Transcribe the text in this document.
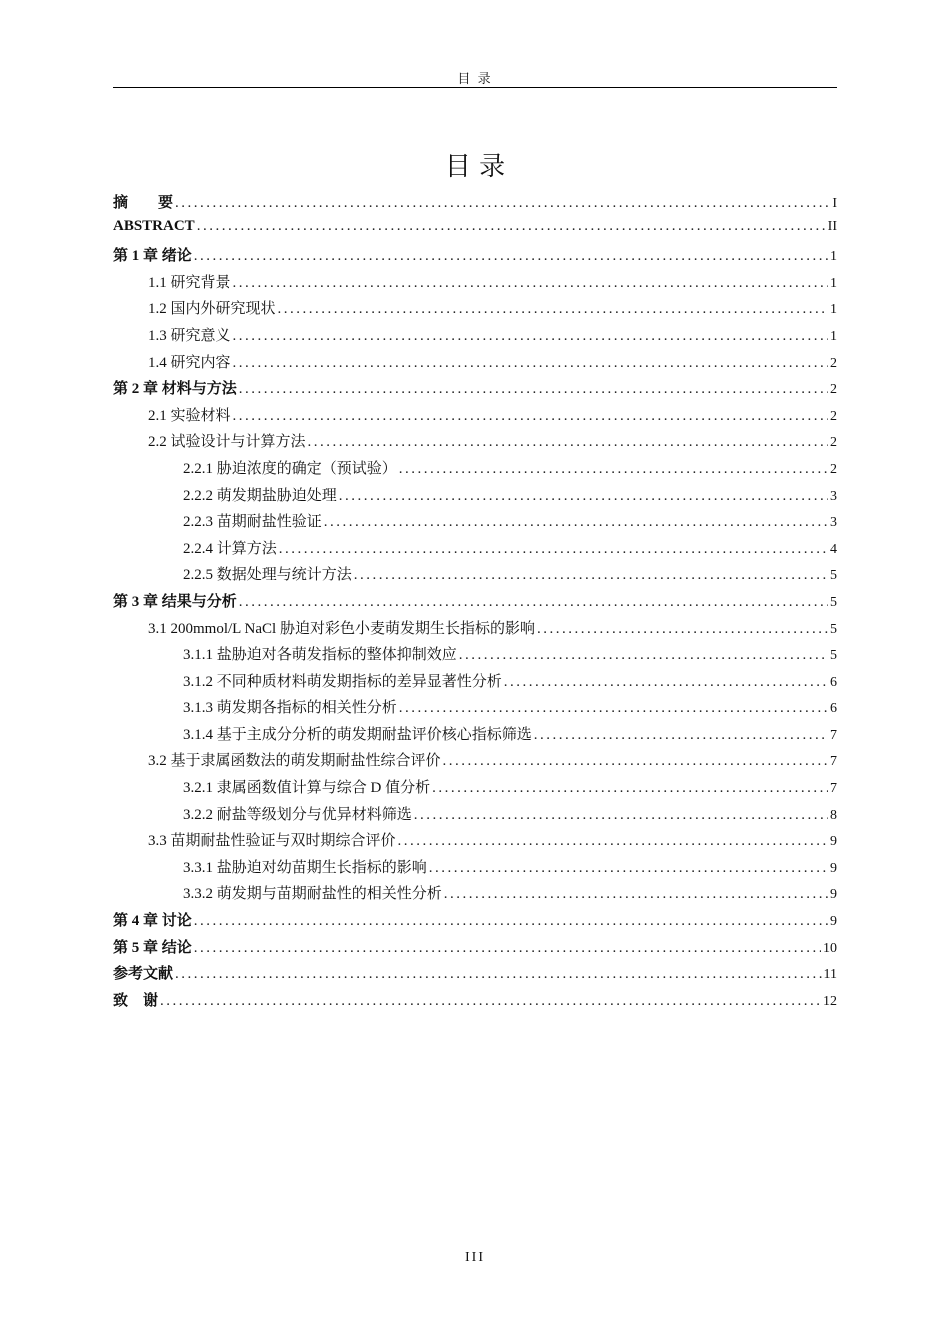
目 录
目 录
摘　　要 .....	I
ABSTRACT .....	II
第 1 章 绪论 .....	1
1.1 研究背景 .....	1
1.2 国内外研究现状 .....	1
1.3 研究意义 .....	1
1.4 研究内容 .....	2
第 2 章 材料与方法 .....	2
2.1 实验材料 .....	2
2.2 试验设计与计算方法 .....	2
2.2.1 胁迫浓度的确定（预试验） .....	2
2.2.2 萌发期盐胁迫处理 .....	3
2.2.3 苗期耐盐性验证 .....	3
2.2.4 计算方法 .....	4
2.2.5 数据处理与统计方法 .....	5
第 3 章 结果与分析 .....	5
3.1 200mmol/L NaCl 胁迫对彩色小麦萌发期生长指标的影响 .....	5
3.1.1 盐胁迫对各萌发指标的整体抑制效应 .....	5
3.1.2 不同种质材料萌发期指标的差异显著性分析 .....	6
3.1.3 萌发期各指标的相关性分析 .....	6
3.1.4 基于主成分分析的萌发期耐盐评价核心指标筛选 .....	7
3.2 基于隶属函数法的萌发期耐盐性综合评价 .....	7
3.2.1 隶属函数值计算与综合 D 值分析 .....	7
3.2.2 耐盐等级划分与优异材料筛选 .....	8
3.3 苗期耐盐性验证与双时期综合评价 .....	9
3.3.1 盐胁迫对幼苗期生长指标的影响 .....	9
3.3.2 萌发期与苗期耐盐性的相关性分析 .....	9
第 4 章 讨论 .....	9
第 5 章 结论 .....	10
参考文献 .....	11
致　谢 .....	12
III
